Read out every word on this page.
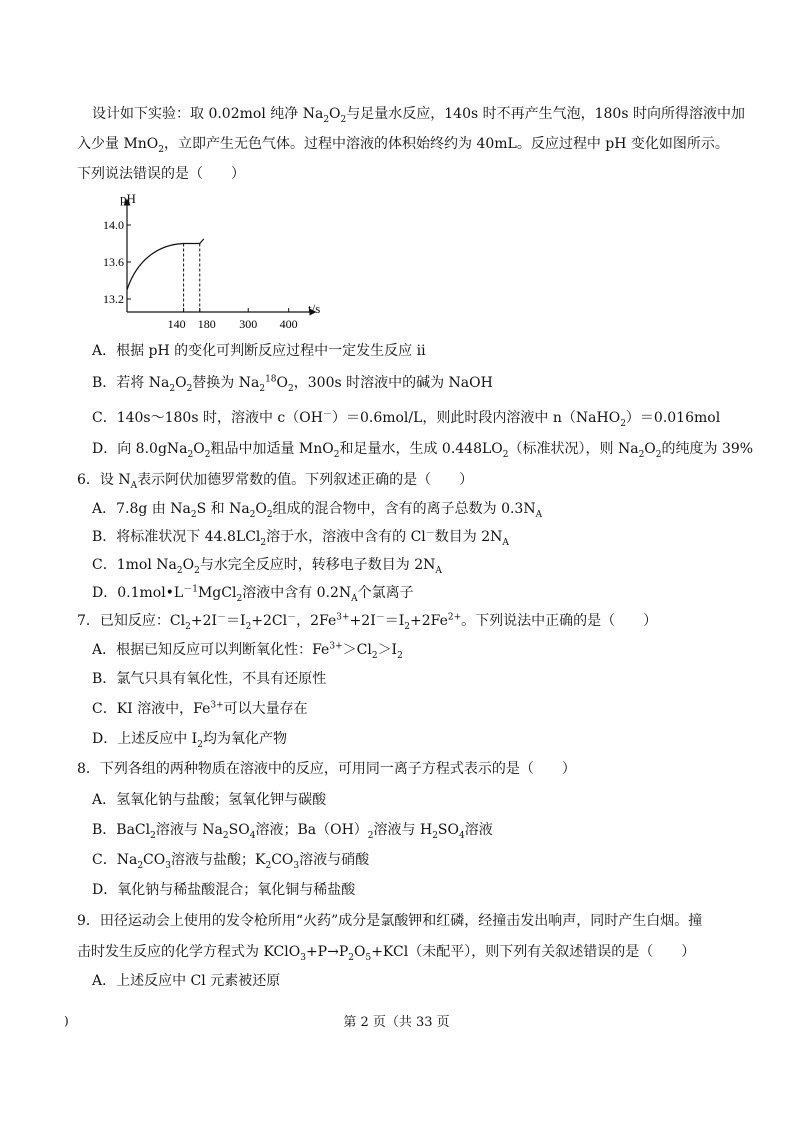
设计如下实验：取 0.02mol 纯净 $Na_2O_2$与足量水反应，140s 时不再产生气泡，180s 时向所得溶液中加
入少量 MnO$_2$，立即产生无色气体。过程中溶液的体积始终约为 40mL。反应过程中 pH 变化如图所示。
下列说法错误的是（　　）
pH
t/s
14.0
13.6
13.2
140 180 300 400
A．根据 pH 的变化可判断反应过程中一定发生反应 ii
B．若将 $Na_2O_2$替换为 $Na_2^{18}O_2$，300s 时溶液中的碱为 NaOH
C．140s～180s 时，溶液中 c（OH－）＝0.6mol/L，则此时段内溶液中 n（NaHO$_2$）＝0.016mol
D．向 $8.0gNa_2O_2$粗品中加适量 MnO$_2$和足量水，生成 $0.448LO_2$（标准状况），则 $Na_2O_2$的纯度为 39%
6．设 $N_A$表示阿伏加德罗常数的值。下列叙述正确的是（　　）
A．7.8g 由 $Na_2S$ 和 $Na_2O_2$组成的混合物中，含有的离子总数为 $0.3N_A$
B．将标准状况下 44.8LCl$_2$溶于水，溶液中含有的 Cl－数目为 $2N_A$
C．1mol $Na_2O_2$与水完全反应时，转移电子数目为 $2N_A$
D．$0.1mol•L^{-1}MgCl_2$溶液中含有 $0.2N_A$个氯离子
7．已知反应：$Cl_2+2I^-=I_2+2Cl^-$，$2Fe^{3+}+2I^-=I_2+2Fe^{2+}$。下列说法中正确的是（　　）
A．根据已知反应可以判断氧化性：$Fe^{3+}>Cl_2>I_2$
B．氯气只具有氧化性，不具有还原性
C．KI 溶液中，$Fe^{3+}$可以大量存在
D．上述反应中 $I_2$均为氧化产物
8．下列各组的两种物质在溶液中的反应，可用同一离子方程式表示的是（　　）
A．氢氧化钠与盐酸；氢氧化钾与碳酸
B．BaCl$_2$溶液与 $Na_2SO_4$溶液；$Ba(OH)_2$溶液与 $H_2SO_4$溶液
C．$Na_2CO_3$溶液与盐酸；$K_2CO_3$溶液与硝酸
D．氧化钠与稀盐酸混合；氧化铜与稀盐酸
9．田径运动会上使用的发令枪所用“火药”成分是氯酸钾和红磷，经撞击发出响声，同时产生白烟。撞
击时发生反应的化学方程式为 $KClO_3+P\to P_2O_5+KCl$（未配平），则下列有关叙述错误的是（　　）
A．上述反应中 Cl 元素被还原
)	第 2 页（共 33 页
